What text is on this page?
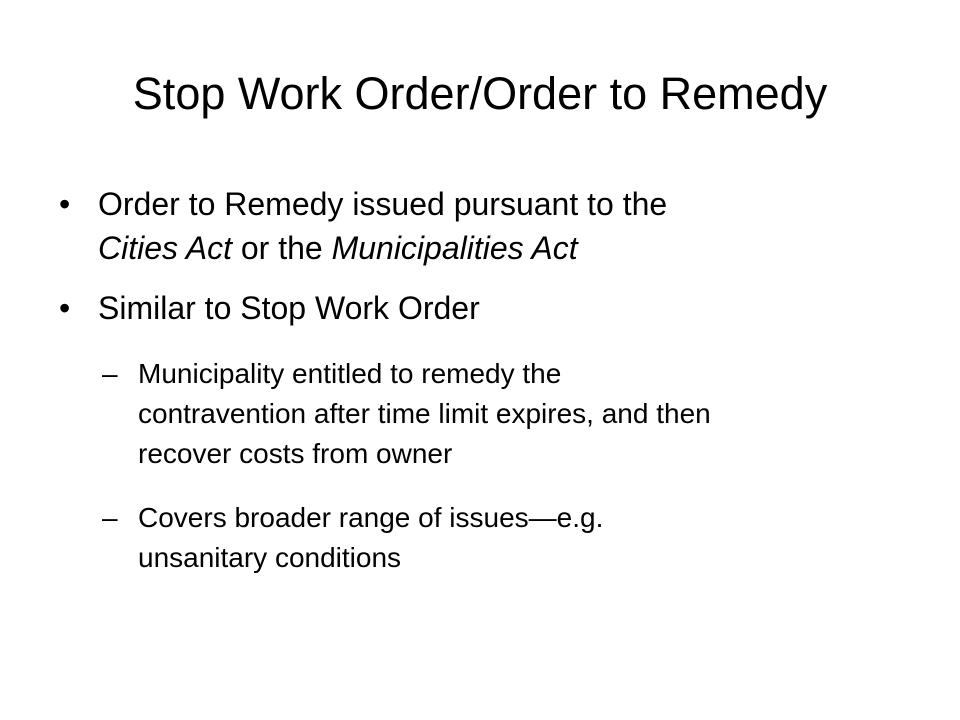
Stop Work Order/Order to Remedy
• Order to Remedy issued pursuant to the
Cities Act or the Municipalities Act
• Similar to Stop Work Order
– Municipality entitled to remedy the
contravention after time limit expires, and then
recover costs from owner
– Covers broader range of issues—e.g.
unsanitary conditions
